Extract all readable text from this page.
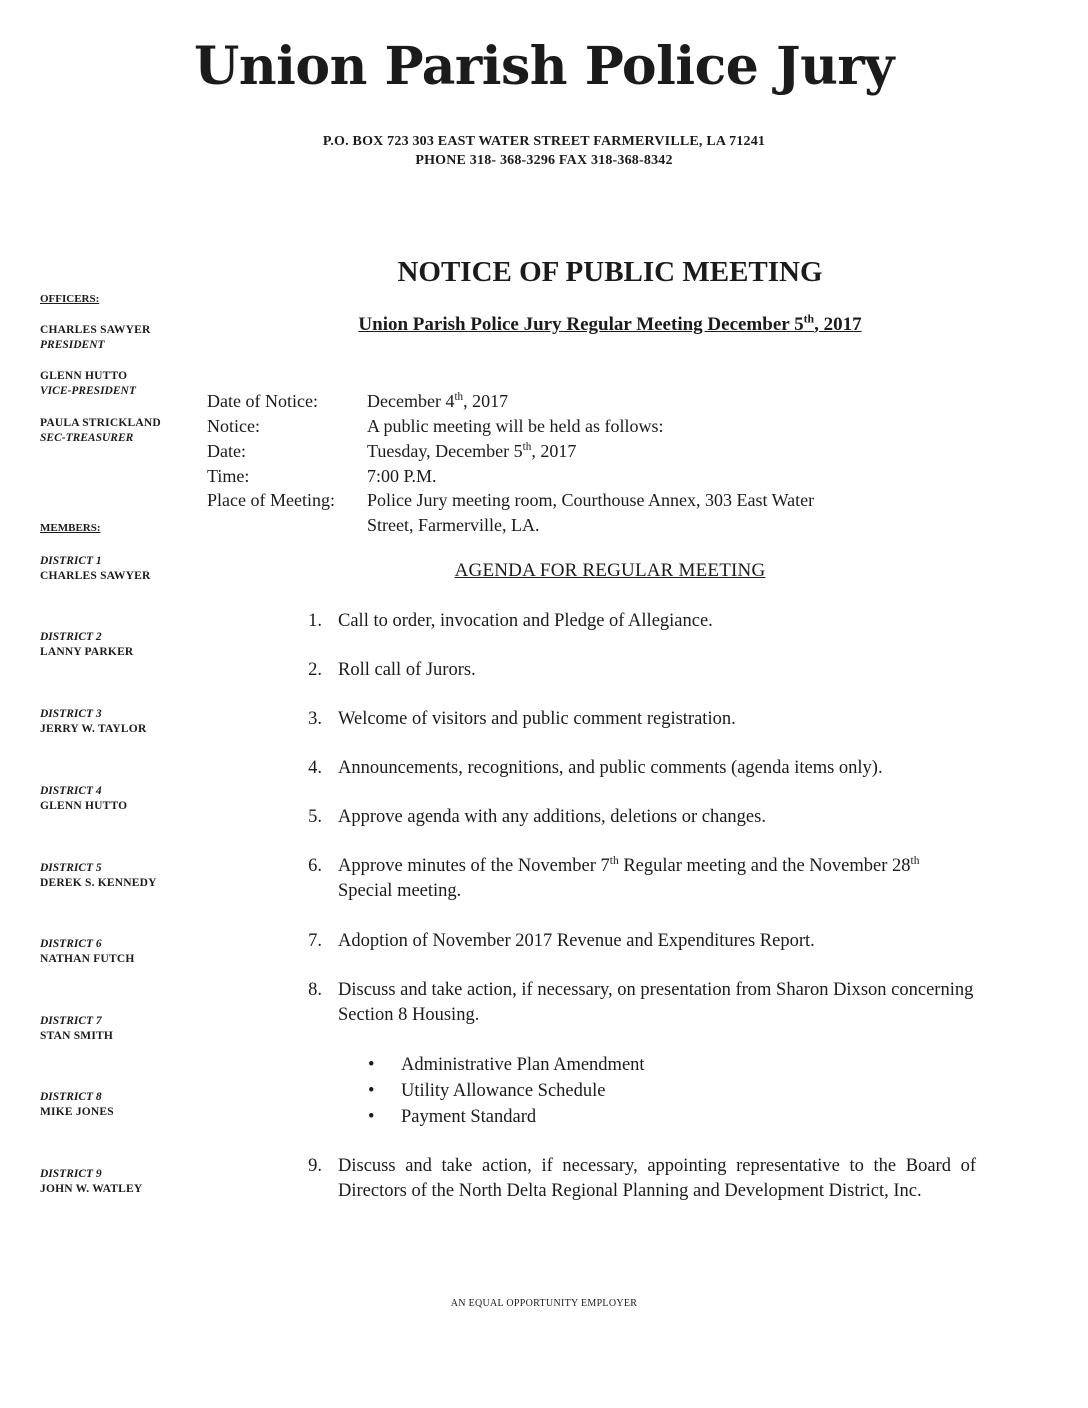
Union Parish Police Jury
P.O. BOX 723 303 EAST WATER STREET FARMERVILLE, LA 71241
PHONE 318- 368-3296 FAX 318-368-8342
NOTICE OF PUBLIC MEETING
Union Parish Police Jury Regular Meeting December 5th, 2017
OFFICERS:
CHARLES SAWYER
PRESIDENT
GLENN HUTTO
VICE-PRESIDENT
PAULA STRICKLAND
SEC-TREASURER
MEMBERS:
DISTRICT 1
CHARLES SAWYER
DISTRICT 2
LANNY PARKER
DISTRICT 3
JERRY W. TAYLOR
DISTRICT 4
GLENN HUTTO
DISTRICT 5
DEREK S. KENNEDY
DISTRICT 6
NATHAN FUTCH
DISTRICT 7
STAN SMITH
DISTRICT 8
MIKE JONES
DISTRICT 9
JOHN W. WATLEY
Date of Notice:	December 4th, 2017
Notice:	A public meeting will be held as follows:
Date:	Tuesday, December 5th, 2017
Time:	7:00 P.M.
Place of Meeting: Police Jury meeting room, Courthouse Annex, 303 East Water
Street, Farmerville, LA.
AGENDA FOR REGULAR MEETING
1. Call to order, invocation and Pledge of Allegiance.
2. Roll call of Jurors.
3. Welcome of visitors and public comment registration.
4. Announcements, recognitions, and public comments (agenda items only).
5. Approve agenda with any additions, deletions or changes.
6. Approve minutes of the November 7th Regular meeting and the November 28th Special meeting.
7. Adoption of November 2017 Revenue and Expenditures Report.
8. Discuss and take action, if necessary, on presentation from Sharon Dixson concerning Section 8 Housing.
• Administrative Plan Amendment
• Utility Allowance Schedule
• Payment Standard
9. Discuss and take action, if necessary, appointing representative to the Board of Directors of the North Delta Regional Planning and Development District, Inc.
AN EQUAL OPPORTUNITY EMPLOYER
